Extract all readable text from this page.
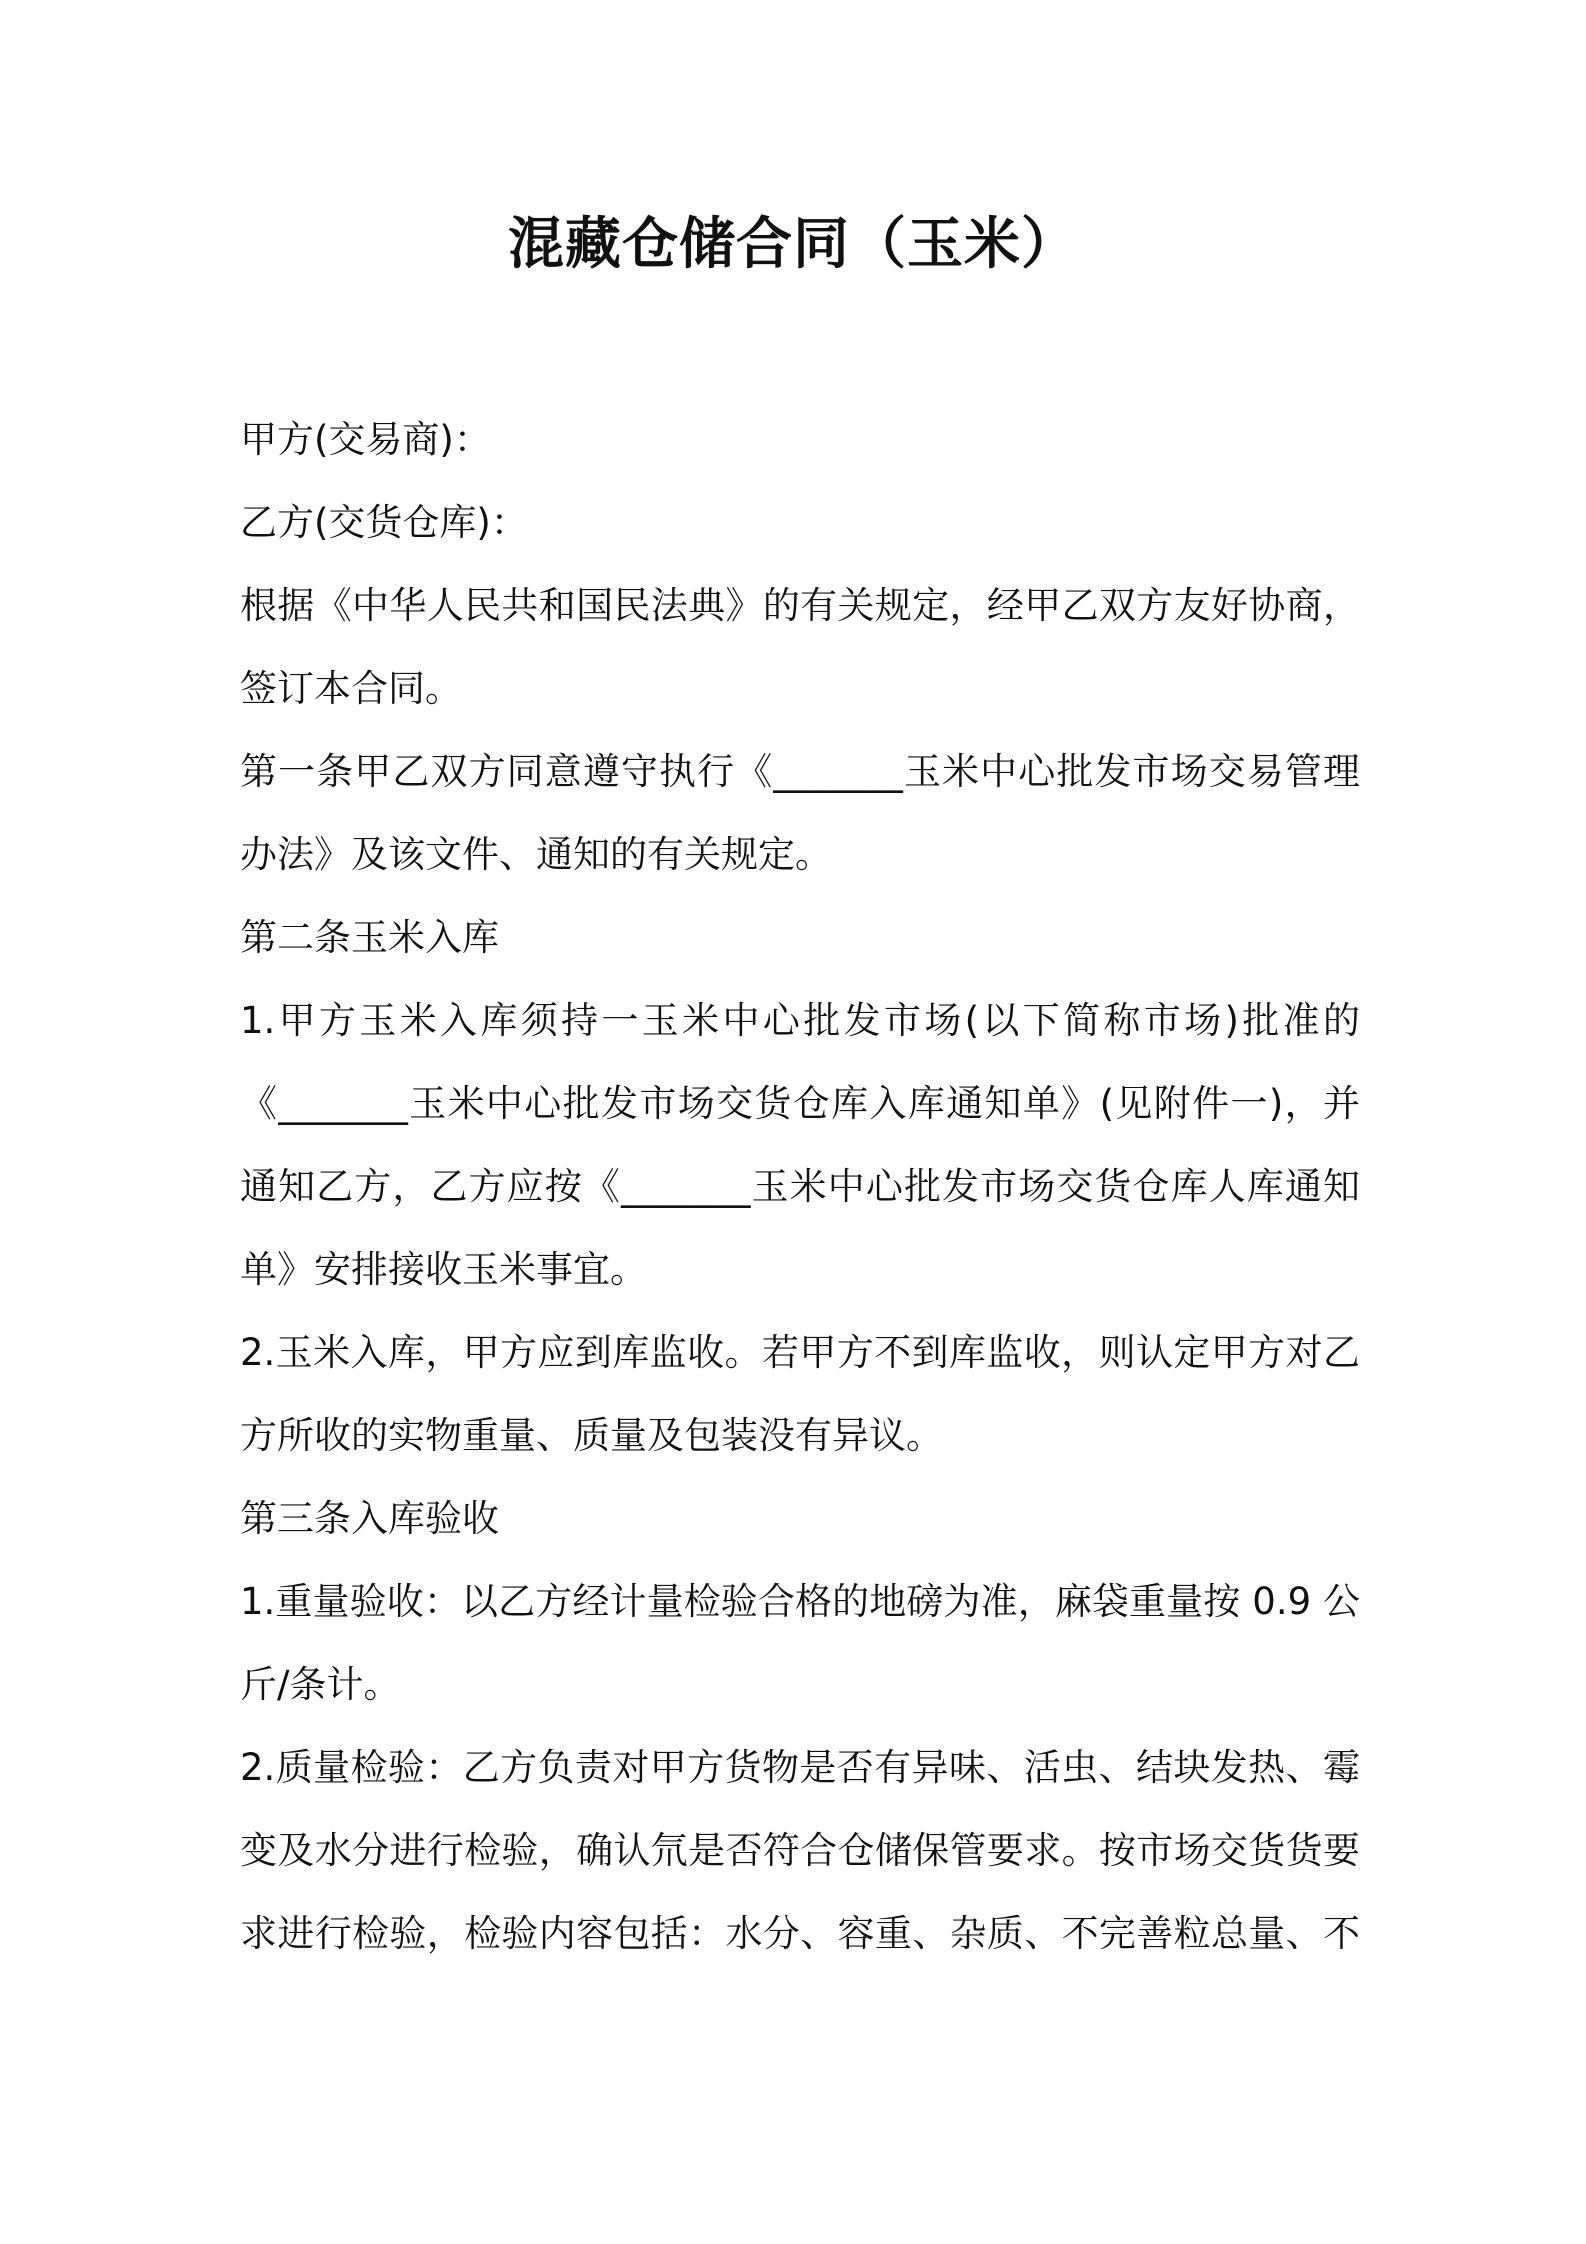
混藏仓储合同（玉米）
甲方(交易商)：
乙方(交货仓库)：
根据《中华人民共和国民法典》的有关规定，经甲乙双方友好协商，
签订本合同。
第一条甲乙双方同意遵守执行《_______玉米中心批发市场交易管理
办法》及该文件、通知的有关规定。
第二条玉米入库
1.甲方玉米入库须持一玉米中心批发市场(以下简称市场)批准的
《_______玉米中心批发市场交货仓库入库通知单》(见附件一)，并
通知乙方，乙方应按《_______玉米中心批发市场交货仓库人库通知
单》安排接收玉米事宜。
2.玉米入库，甲方应到库监收。若甲方不到库监收，则认定甲方对乙
方所收的实物重量、质量及包装没有异议。
第三条入库验收
1.重量验收：以乙方经计量检验合格的地磅为准，麻袋重量按 0.9 公
斤/条计。
2.质量检验：乙方负责对甲方货物是否有异味、活虫、结块发热、霉
变及水分进行检验，确认氘是否符合仓储保管要求。按市场交货货要
求进行检验，检验内容包括：水分、容重、杂质、不完善粒总量、不
